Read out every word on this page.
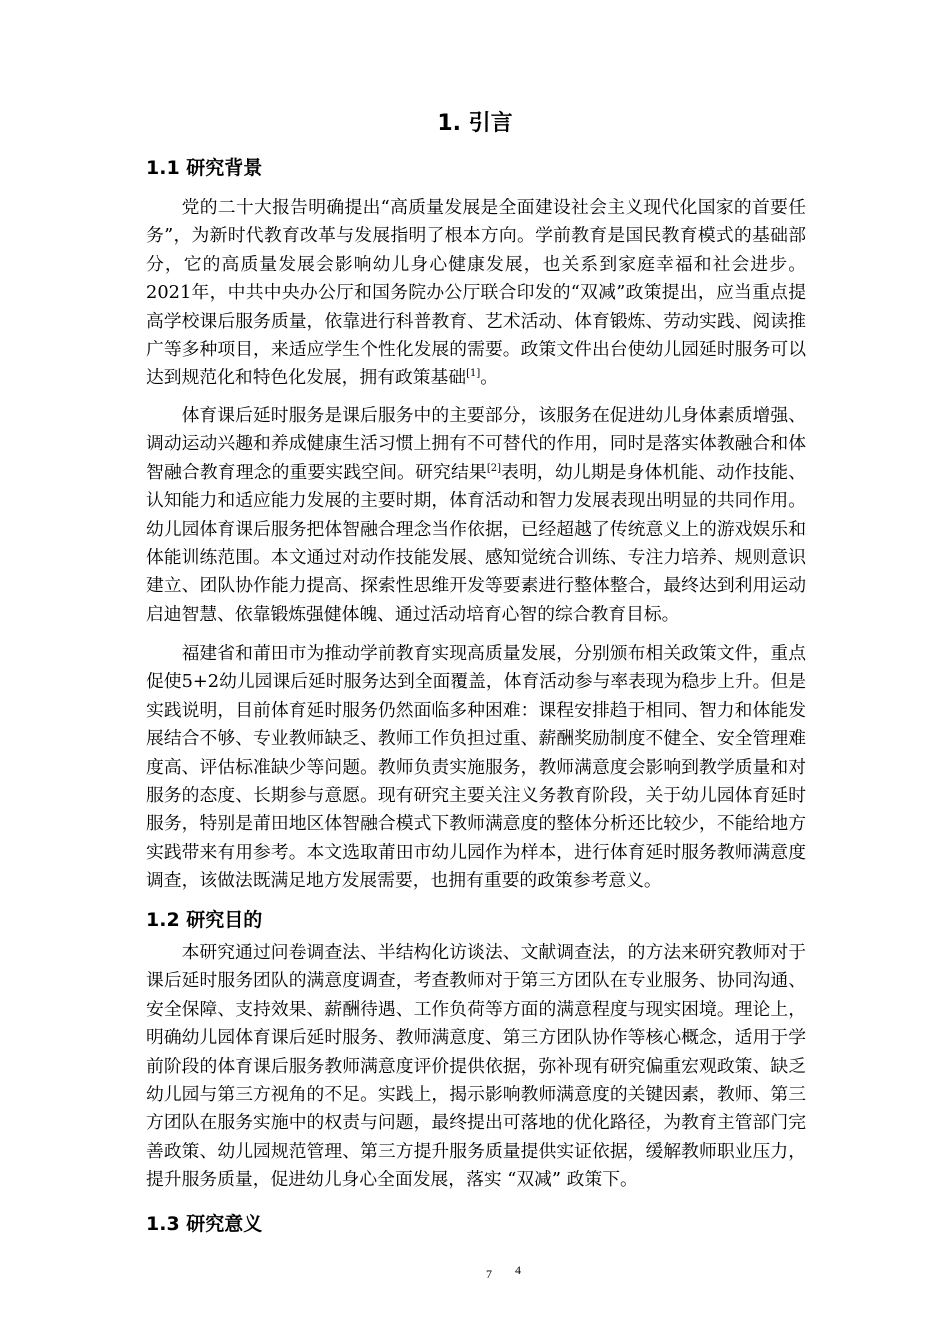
1. 引言
1.1 研究背景

党的二十大报告明确提出“高质量发展是全面建设社会主义现代化国家的首要任务”，为新时代教育改革与发展指明了根本方向。学前教育是国民教育模式的基础部分，它的高质量发展会影响幼儿身心健康发展，也关系到家庭幸福和社会进步。2021年，中共中央办公厅和国务院办公厅联合印发的“双减”政策提出，应当重点提高学校课后服务质量，依靠进行科普教育、艺术活动、体育锻炼、劳动实践、阅读推广等多种项目，来适应学生个性化发展的需要。政策文件出台使幼儿园延时服务可以达到规范化和特色化发展，拥有政策基础[1]。

体育课后延时服务是课后服务中的主要部分，该服务在促进幼儿身体素质增强、调动运动兴趣和养成健康生活习惯上拥有不可替代的作用，同时是落实体教融合和体智融合教育理念的重要实践空间。研究结果[2]表明，幼儿期是身体机能、动作技能、认知能力和适应能力发展的主要时期，体育活动和智力发展表现出明显的共同作用。幼儿园体育课后服务把体智融合理念当作依据，已经超越了传统意义上的游戏娱乐和体能训练范围。本文通过对动作技能发展、感知觉统合训练、专注力培养、规则意识建立、团队协作能力提高、探索性思维开发等要素进行整体整合，最终达到利用运动启迪智慧、依靠锻炼强健体魄、通过活动培育心智的综合教育目标。

福建省和莆田市为推动学前教育实现高质量发展，分别颁布相关政策文件，重点促使5+2幼儿园课后延时服务达到全面覆盖，体育活动参与率表现为稳步上升。但是实践说明，目前体育延时服务仍然面临多种困难：课程安排趋于相同、智力和体能发展结合不够、专业教师缺乏、教师工作负担过重、薪酬奖励制度不健全、安全管理难度高、评估标准缺少等问题。教师负责实施服务，教师满意度会影响到教学质量和对服务的态度、长期参与意愿。现有研究主要关注义务教育阶段，关于幼儿园体育延时服务，特别是莆田地区体智融合模式下教师满意度的整体分析还比较少，不能给地方实践带来有用参考。本文选取莆田市幼儿园作为样本，进行体育延时服务教师满意度调查，该做法既满足地方发展需要，也拥有重要的政策参考意义。

1.2 研究目的

本研究通过问卷调查法、半结构化访谈法、文献调查法，的方法来研究教师对于课后延时服务团队的满意度调查，考查教师对于第三方团队在专业服务、协同沟通、安全保障、支持效果、薪酬待遇、工作负荷等方面的满意程度与现实困境。理论上，明确幼儿园体育课后延时服务、教师满意度、第三方团队协作等核心概念，适用于学前阶段的体育课后服务教师满意度评价提供依据，弥补现有研究偏重宏观政策、缺乏幼儿园与第三方视角的不足。实践上，揭示影响教师满意度的关键因素，教师、第三方团队在服务实施中的权责与问题，最终提出可落地的优化路径，为教育主管部门完善政策、幼儿园规范管理、第三方提升服务质量提供实证依据，缓解教师职业压力，提升服务质量，促进幼儿身心全面发展，落实 “双减” 政策下。

1.3 研究意义
7 4
